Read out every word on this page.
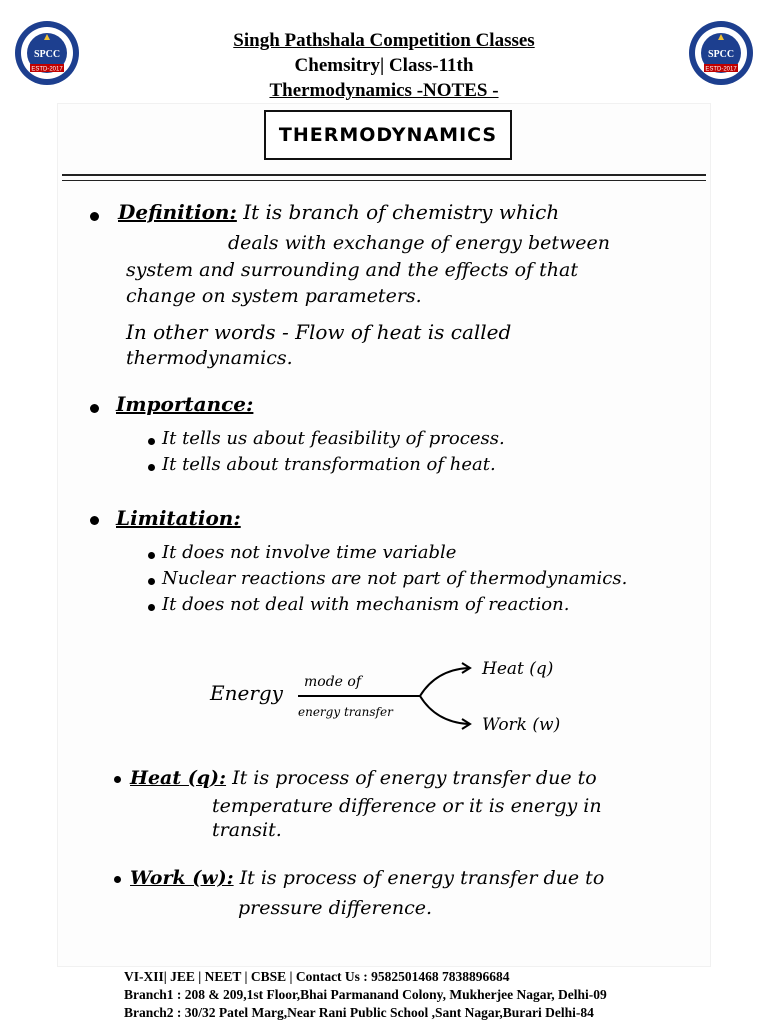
SPCC
ESTD-2017
SPCC
ESTD-2017
Singh Pathshala Competition Classes
Chemsitry| Class-11th
Thermodynamics -NOTES -
THERMODYNAMICS
Definition: It is branch of chemistry which
deals with exchange of energy between
system and surrounding and the effects of that
change on system parameters.
In other words - Flow of heat is called
thermodynamics.
Importance:
It tells us about feasibility of process.
It tells about transformation of heat.
Limitation:
It does not involve time variable
Nuclear reactions are not part of thermodynamics.
It does not deal with mechanism of reaction.
Energy mode of
energy transfer
Heat (q)
Work (w)
Heat (q): It is process of energy transfer due to
temperature difference or it is energy in
transit.
Work (w): It is process of energy transfer due to
pressure difference.
VI-XII| JEE | NEET | CBSE | Contact Us : 9582501468 7838896684
Branch1 : 208 & 209,1st Floor,Bhai Parmanand Colony, Mukherjee Nagar, Delhi-09
Branch2 : 30/32 Patel Marg,Near Rani Public School ,Sant Nagar,Burari Delhi-84
